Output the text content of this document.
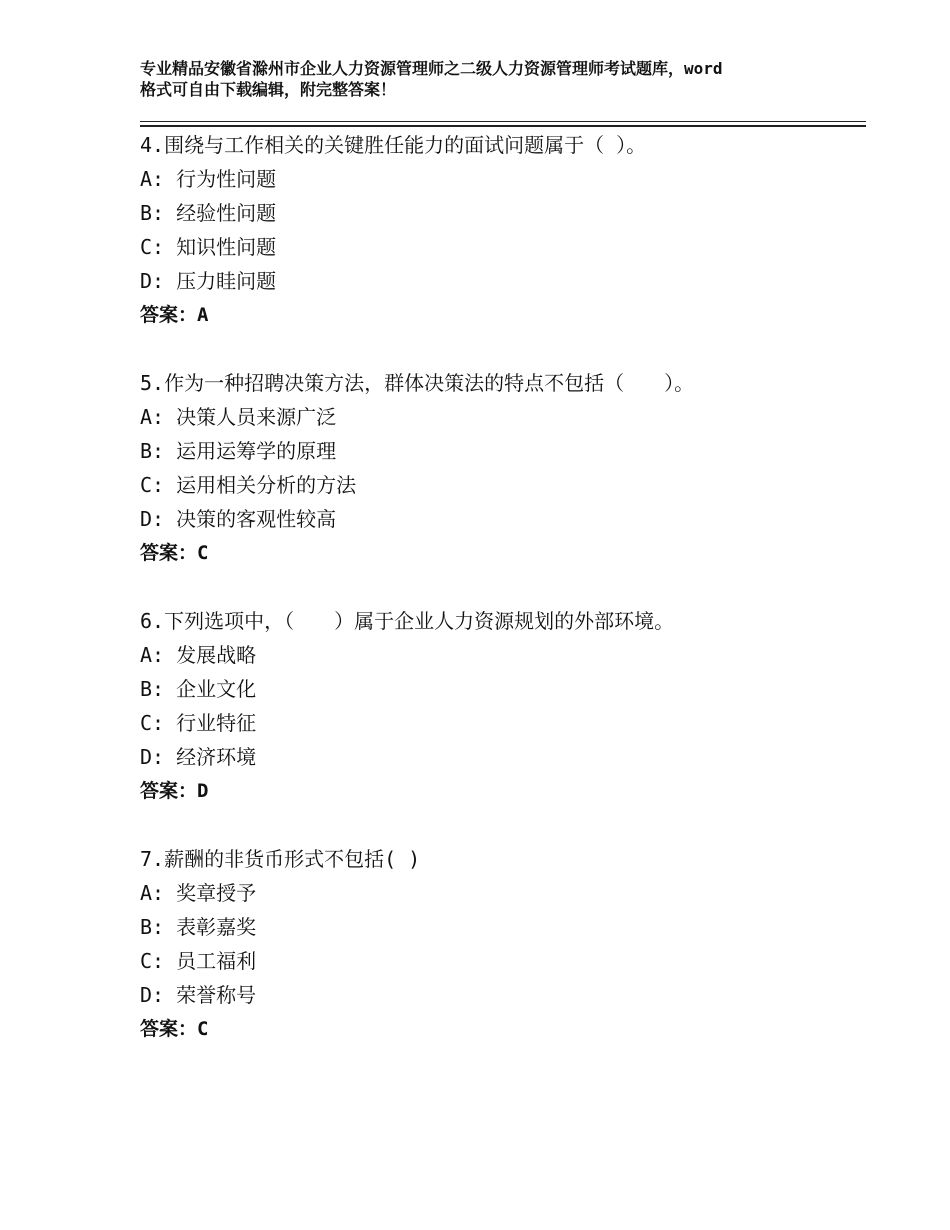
专业精品安徽省滁州市企业人力资源管理师之二级人力资源管理师考试题库，word
格式可自由下载编辑，附完整答案！
4.围绕与工作相关的关键胜任能力的面试问题属于（ ）。
A: 行为性问题
B: 经验性问题
C: 知识性问题
D: 压力眭问题
答案：A
5.作为一种招聘决策方法，群体决策法的特点不包括（　　）。
A: 决策人员来源广泛
B: 运用运筹学的原理
C: 运用相关分析的方法
D: 决策的客观性较高
答案：C
6.下列选项中，（　　）属于企业人力资源规划的外部环境。
A: 发展战略
B: 企业文化
C: 行业特征
D: 经济环境
答案：D
7.薪酬的非货币形式不包括( )
A: 奖章授予
B: 表彰嘉奖
C: 员工福利
D: 荣誉称号
答案：C
